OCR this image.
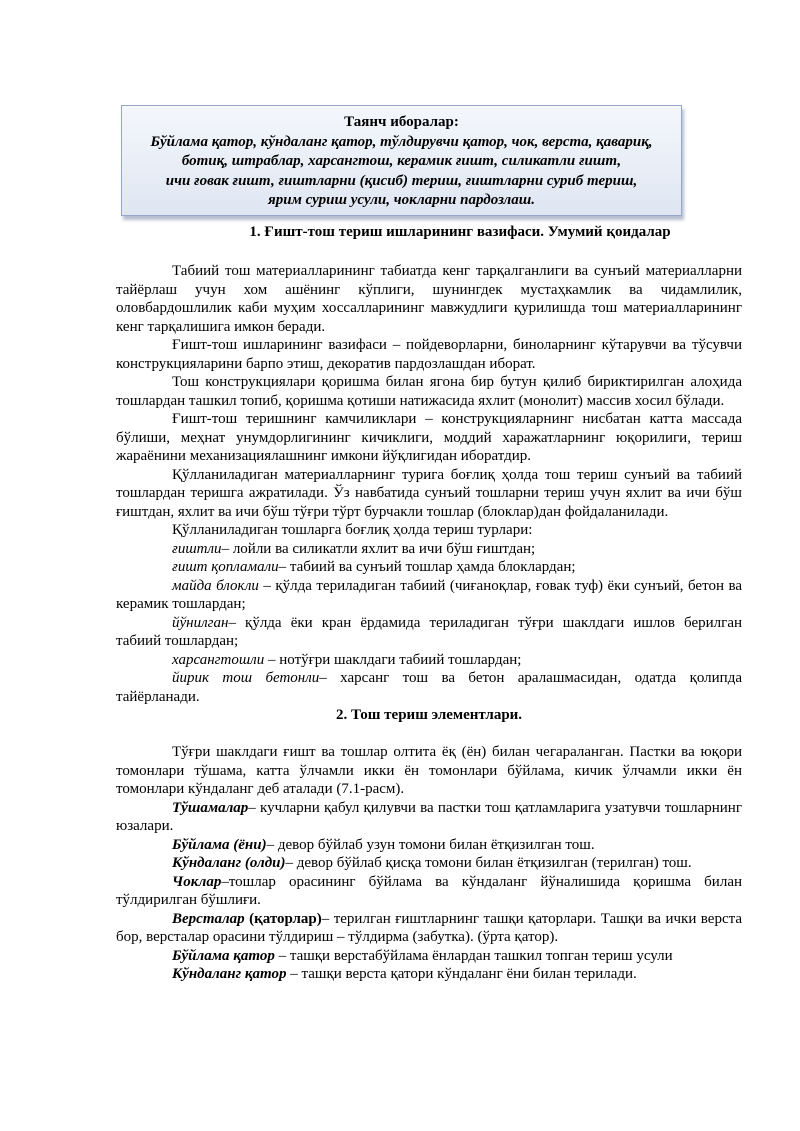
Таянч иборалар:
Бўйлама қатор, кўндаланг қатор, тўлдирувчи қатор, чок, верста, қавариқ,
ботиқ, штраблар, харсангтош, керамик ғишт, силикатли ғишт,
ичи ғовак ғишт, ғиштларни (қисиб) териш, ғиштларни суриб териш,
ярим суриш усули, чокларни пардозлаш.
1. Ғишт-тош териш ишларининг вазифаси. Умумий қоидалар

Табиий тош материалларининг табиатда кенг тарқалганлиги ва сунъий материалларни тайёрлаш учун хом ашёнинг кўплиги, шунингдек мустаҳкамлик ва чидамлилик, оловбардошлилик каби муҳим хоссалларининг мавжудлиги қурилишда тош материалларининг кенг тарқалишига имкон беради.

Ғишт-тош ишларининг вазифаси – пойдеворларни, биноларнинг кўтарувчи ва тўсувчи конструкцияларини барпо этиш, декоратив пардозлашдан иборат.

Тош конструкциялари қоришма билан ягона бир бутун қилиб бириктирилган алоҳида тошлардан ташкил топиб, қоришма қотиши натижасида яхлит (монолит) массив хосил бўлади.

Ғишт-тош теришнинг камчиликлари – конструкцияларнинг нисбатан катта массада бўлиши, меҳнат унумдорлигининг кичиклиги, моддий харажатларнинг юқорилиги, териш жараёнини механизациялашнинг имкони йўқлигидан иборатдир.

Қўлланиладиган материалларнинг турига боғлиқ ҳолда тош териш сунъий ва табиий тошлардан теришга ажратилади. Ўз навбатида сунъий тошларни териш учун яхлит ва ичи бўш ғиштдан, яхлит ва ичи бўш тўғри тўрт бурчакли тошлар (блоклар)дан фойдаланилади.

Қўлланиладиган тошларга боғлиқ ҳолда териш турлари:

ғиштли– лойли ва силикатли яхлит ва ичи бўш ғиштдан;

ғишт қопламали– табиий ва сунъий тошлар ҳамда блоклардан;

майда блокли – қўлда териладиган табиий (чиғаноқлар, ғовак туф) ёки сунъий, бетон ва керамик тошлардан;

йўнилган– қўлда ёки кран ёрдамида териладиган тўғри шаклдаги ишлов берилган табиий тошлардан;

харсангтошли – нотўғри шаклдаги табиий тошлардан;

йирик тош бетонли– харсанг тош ва бетон аралашмасидан, одатда қолипда тайёрланади.

2. Тош териш элементлари.

Тўғри шаклдаги ғишт ва тошлар олтита ёқ (ён) билан чегараланган. Пастки ва юқори томонлари тўшама, катта ўлчамли икки ён томонлари бўйлама, кичик ўлчамли икки ён томонлари кўндаланг деб аталади (7.1-расм).

Тўшамалар– кучларни қабул қилувчи ва пастки тош қатламларига узатувчи тошларнинг юзалари.

Бўйлама (ёни)– девор бўйлаб узун томони билан ётқизилган тош.

Кўндаланг (олди)– девор бўйлаб қисқа томони билан ётқизилган (терилган) тош.

Чоклар–тошлар орасининг бўйлама ва кўндаланг йўналишида қоришма билан тўлдирилган бўшлиғи.

Версталар (қаторлар)– терилган ғиштларнинг ташқи қаторлари. Ташқи ва ички верста бор, версталар орасини тўлдириш – тўлдирма (забутка). (ўрта қатор).

Бўйлама қатор – ташқи верстабўйлама ёнлардан ташкил топган териш усули

Кўндаланг қатор – ташқи верста қатори кўндаланг ёни билан терилади.
